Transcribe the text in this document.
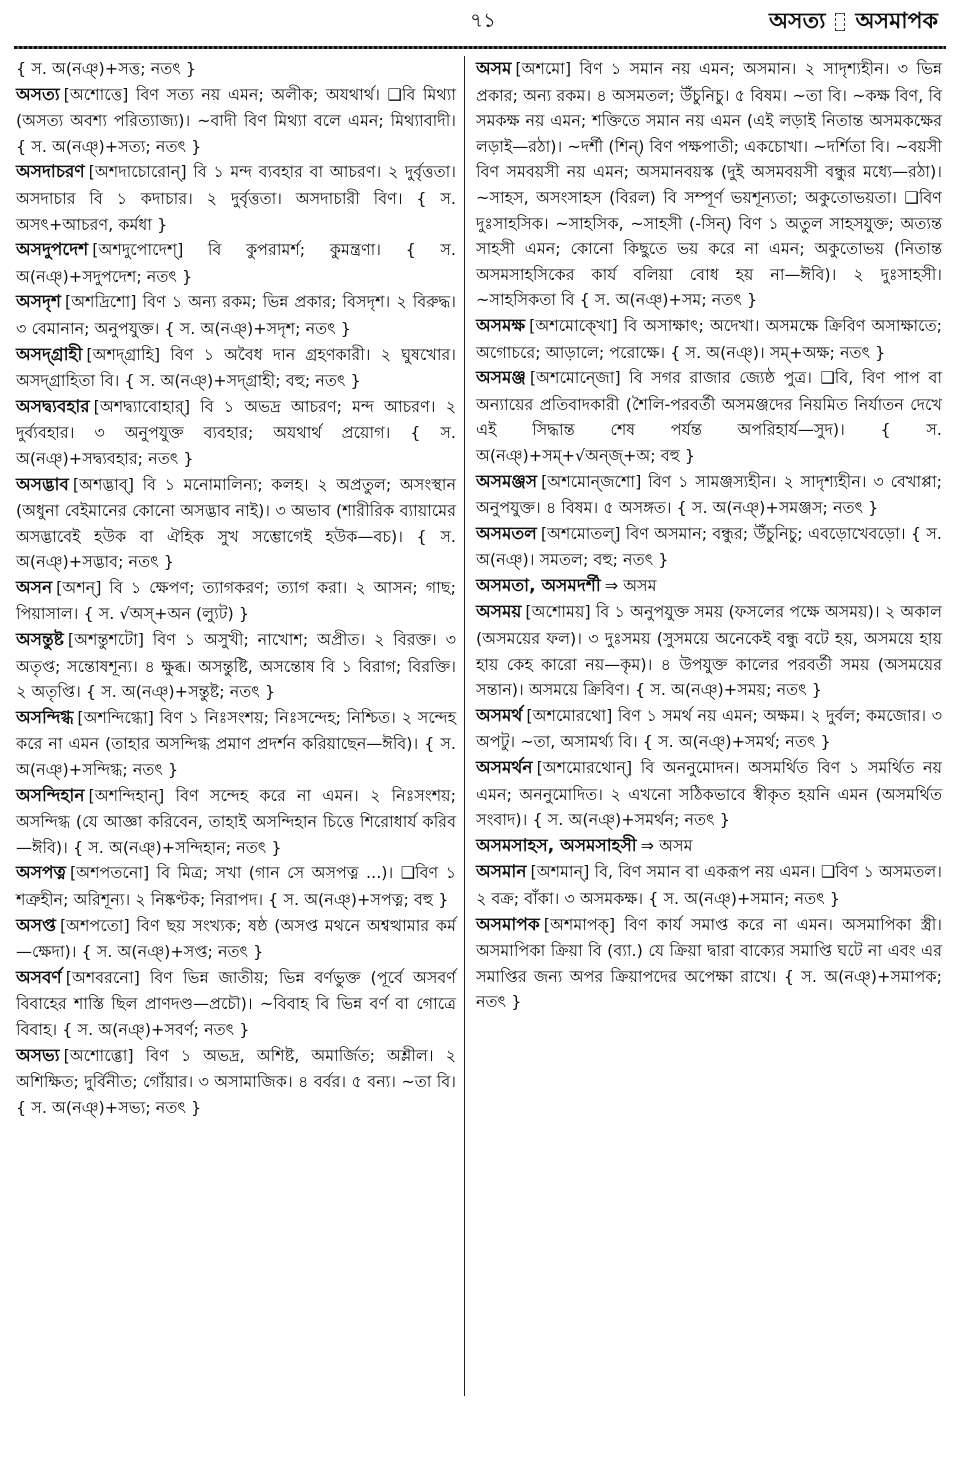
৭১	অসত্য অসমাপক

{ স. অ(নঞ্)+সত্ত; নতৎ }

অসত্য [অশোত্তে] বিণ সত্য নয় এমন; অলীক; অযথার্থ। ❑বি মিথ্যা (অসত্য অবশ্য পরিত্যাজ্য)। ~বাদী বিণ মিথ্যা বলে এমন; মিথ্যাবাদী। { স. অ(নঞ্)+সত্য; নতৎ }

অসদাচরণ [অশদাচোরোন্] বি ১ মন্দ ব্যবহার বা আচরণ। ২ দুর্বৃত্ততা। অসদাচার বি ১ কদাচার। ২ দুর্বৃত্ততা। অসদাচারী বিণ। { স. অসৎ+আচরণ, কর্মধা }

অসদুপদেশ [অশদুপোদেশ্] বি কুপরামর্শ; কুমন্ত্রণা। { স. অ(নঞ্)+সদুপদেশ; নতৎ }

অসদৃশ [অশদ্রিশো] বিণ ১ অন্য রকম; ভিন্ন প্রকার; বিসদৃশ। ২ বিরুদ্ধ। ৩ বেমানান; অনুপযুক্ত। { স. অ(নঞ্)+সদৃশ; নতৎ }

অসদ্গ্রাহী [অশদ্গ্রাহি] বিণ ১ অবৈধ দান গ্রহণকারী। ২ ঘুষখোর। অসদ্গ্রাহিতা বি। { স. অ(নঞ্)+সদ্গ্রাহী; বহু; নতৎ }

অসদ্ব্যবহার [অশদ্ব্যাবোহার্] বি ১ অভদ্র আচরণ; মন্দ আচরণ। ২ দুর্ব্যবহার। ৩ অনুপযুক্ত ব্যবহার; অযথার্থ প্রয়োগ। { স. অ(নঞ্)+সদ্ব্যবহার; নতৎ }

অসদ্ভাব [অশদ্ভাব্] বি ১ মনোমালিন্য; কলহ। ২ অপ্রতুল; অসংস্থান (অধুনা বেইমানের কোনো অসদ্ভাব নাই)। ৩ অভাব (শারীরিক ব্যায়ামের অসদ্ভাবেই হউক বা ঐহিক সুখ সম্ভোগেই হউক—বচ)। { স. অ(নঞ্)+সদ্ভাব; নতৎ }

অসন [অশন্] বি ১ ক্ষেপণ; ত্যাগকরণ; ত্যাগ করা। ২ আসন; গাছ; পিয়াসাল। { স. √অস্+অন (ল্যুট) }

অসন্তুষ্ট [অশন্তুশটো] বিণ ১ অসুখী; নাখোশ; অপ্রীত। ২ বিরক্ত। ৩ অতৃপ্ত; সন্তোষশূন্য। ৪ ক্ষুব্ধ। অসন্তুষ্টি, অসন্তোষ বি ১ বিরাগ; বিরক্তি। ২ অতৃপ্তি। { স. অ(নঞ্)+সন্তুষ্ট; নতৎ }

অসন্দিগ্ধ [অশন্দিগ্ধো] বিণ ১ নিঃসংশয়; নিঃসন্দেহ; নিশ্চিত। ২ সন্দেহ করে না এমন (তাহার অসন্দিগ্ধ প্রমাণ প্রদর্শন করিয়াছেন—ঈবি)। { স. অ(নঞ্)+সন্দিগ্ধ; নতৎ }

অসন্দিহান [অশন্দিহান্] বিণ সন্দেহ করে না এমন। ২ নিঃসংশয়; অসন্দিগ্ধ (যে আজ্ঞা করিবেন, তাহাই অসন্দিহান চিত্তে শিরোধার্য করিব—ঈবি)। { স. অ(নঞ্)+সন্দিহান; নতৎ }

অসপত্ন [অশপতনো] বি মিত্র; সখা (গান সে অসপত্ন ...)। ❑বিণ ১ শত্রুহীন; অরিশূন্য। ২ নিষ্কণ্টক; নিরাপদ। { স. অ(নঞ্)+সপত্ন; বহু }

অসপ্ত [অশপতো] বিণ ছয় সংখ্যক; ষষ্ঠ (অসপ্ত মথনে অশ্বত্থামার কর্ম—ক্ষেদা)। { স. অ(নঞ্)+সপ্ত; নতৎ }

অসবর্ণ [অশবরনো] বিণ ভিন্ন জাতীয়; ভিন্ন বর্ণভুক্ত (পূর্বে অসবর্ণ বিবাহের শাস্তি ছিল প্রাণদণ্ড—প্রচৌ)। ~বিবাহ বি ভিন্ন বর্ণ বা গোত্রে বিবাহ। { স. অ(নঞ্)+সবর্ণ; নতৎ }

অসভ্য [অশোব্ভো] বিণ ১ অভদ্র, অশিষ্ট, অমার্জিত; অশ্লীল। ২ অশিক্ষিত; দুর্বিনীত; গোঁয়ার। ৩ অসামাজিক। ৪ বর্বর। ৫ বন্য। ~তা বি। { স. অ(নঞ্)+সভ্য; নতৎ }

অসম [অশমো] বিণ ১ সমান নয় এমন; অসমান। ২ সাদৃশ্যহীন। ৩ ভিন্ন প্রকার; অন্য রকম। ৪ অসমতল; উঁচুনিচু। ৫ বিষম। ~তা বি। ~কক্ষ বিণ, বি সমকক্ষ নয় এমন; শক্তিতে সমান নয় এমন (এই লড়াই নিতান্ত অসমকক্ষের লড়াই—রঠা)। ~দর্শী (শিন্) বিণ পক্ষপাতী; একচোখা। ~দর্শিতা বি। ~বয়সী বিণ সমবয়সী নয় এমন; অসমানবয়স্ক (দুই অসমবয়সী বন্ধুর মধ্যে—রঠা)। ~সাহস, অসংসাহস (বিরল) বি সম্পূর্ণ ভয়শূন্যতা; অকুতোভয়তা। ❑বিণ দুঃসাহসিক। ~সাহসিক, ~সাহসী (-সিন্) বিণ ১ অতুল সাহসযুক্ত; অত্যন্ত সাহসী এমন; কোনো কিছুতে ভয় করে না এমন; অকুতোভয় (নিতান্ত অসমসাহসিকের কার্য বলিয়া বোধ হয় না—ঈবি)। ২ দুঃসাহসী। ~সাহসিকতা বি { স. অ(নঞ্)+সম; নতৎ }

অসমক্ষ [অশমোক্খো] বি অসাক্ষাৎ; অদেখা। অসমক্ষে ক্রিবিণ অসাক্ষাতে; অগোচরে; আড়ালে; পরোক্ষে। { স. অ(নঞ্)। সম্+অক্ষ; নতৎ }

অসমঞ্জ [অশমোন্জো] বি সগর রাজার জ্যেষ্ঠ পুত্র। ❑বি, বিণ পাপ বা অন্যায়ের প্রতিবাদকারী (শৈলি-পরবর্তী অসমঞ্জদের নিয়মিত নির্যাতন দেখে এই সিদ্ধান্ত শেষ পর্যন্ত অপরিহার্য—সুদ)। { স. অ(নঞ্)+সম্+√অন্জ্+অ; বহু }

অসমঞ্জস [অশমোন্জশো] বিণ ১ সামঞ্জস্যহীন। ২ সাদৃশ্যহীন। ৩ বেখাপ্পা; অনুপযুক্ত। ৪ বিষম। ৫ অসঙ্গত। { স. অ(নঞ্)+সমঞ্জস; নতৎ }

অসমতল [অশমোতল্] বিণ অসমান; বন্ধুর; উঁচুনিচু; এবড়োখেবড়ো। { স. অ(নঞ্)। সমতল; বহু; নতৎ }

অসমতা, অসমদর্শী ⇒ অসম

অসময় [অশোময়] বি ১ অনুপযুক্ত সময় (ফসলের পক্ষে অসময়)। ২ অকাল (অসময়ের ফল)। ৩ দুঃসময় (সুসময়ে অনেকেই বন্ধু বটে হয়, অসময়ে হায় হায় কেহ কারো নয়—কৃম)। ৪ উপযুক্ত কালের পরবর্তী সময় (অসময়ের সন্তান)। অসময়ে ক্রিবিণ। { স. অ(নঞ্)+সময়; নতৎ }

অসমর্থ [অশমোরথো] বিণ ১ সমর্থ নয় এমন; অক্ষম। ২ দুর্বল; কমজোর। ৩ অপটু। ~তা, অসামর্থ্য বি। { স. অ(নঞ্)+সমর্থ; নতৎ }

অসমর্থন [অশমোরথোন্] বি অননুমোদন। অসমর্থিত বিণ ১ সমর্থিত নয় এমন; অননুমোদিত। ২ এখনো সঠিকভাবে স্বীকৃত হয়নি এমন (অসমর্থিত সংবাদ)। { স. অ(নঞ্)+সমর্থন; নতৎ }

অসমসাহস, অসমসাহসী ⇒ অসম

অসমান [অশমান্] বি, বিণ সমান বা একরূপ নয় এমন। ❑বিণ ১ অসমতল। ২ বক্র; বাঁকা। ৩ অসমকক্ষ। { স. অ(নঞ্)+সমান; নতৎ }

অসমাপক [অশমাপক্] বিণ কার্য সমাপ্ত করে না এমন। অসমাপিকা স্ত্রী। অসমাপিকা ক্রিয়া বি (ব্যা.) যে ক্রিয়া দ্বারা বাক্যের সমাপ্তি ঘটে না এবং এর সমাপ্তির জন্য অপর ক্রিয়াপদের অপেক্ষা রাখে। { স. অ(নঞ্)+সমাপক; নতৎ }
